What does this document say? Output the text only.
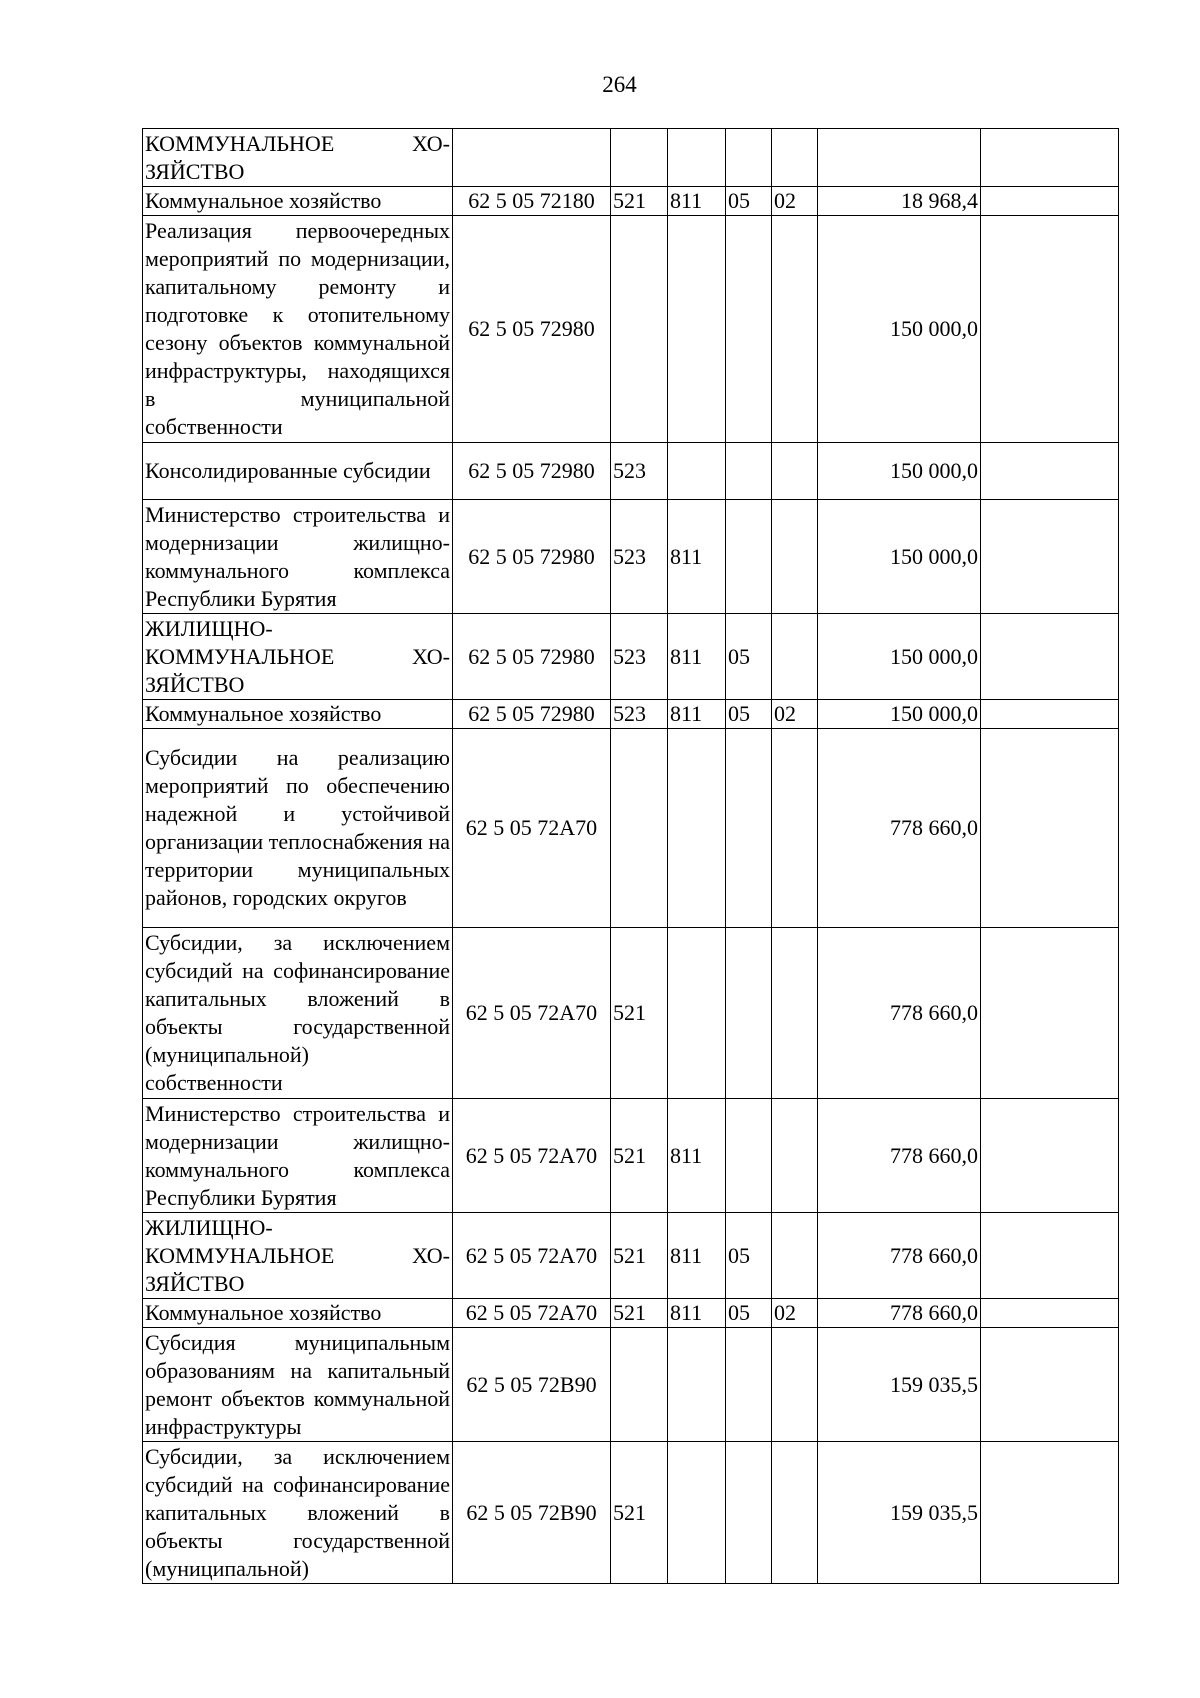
264
КОММУНАЛЬНОЕ ХО-ЗЯЙСТВО							
Коммунальное хозяйство	62 5 05 72180	521	811	05	02	18 968,4	
Реализация первоочередных мероприятий по модернизации, капитальному ремонту и подготовке к отопительному сезону объектов коммунальной инфраструктуры, находящихся в муниципальной собственности	62 5 05 72980					150 000,0	
Консолидированные субсидии	62 5 05 72980	523				150 000,0	
Министерство строительства и модернизации жилищно-коммунального комплекса Республики Бурятия	62 5 05 72980	523	811			150 000,0	
ЖИЛИЩНО-КОММУНАЛЬНОЕ ХО-ЗЯЙСТВО	62 5 05 72980	523	811	05		150 000,0	
Коммунальное хозяйство	62 5 05 72980	523	811	05	02	150 000,0	
Субсидии на реализацию мероприятий по обеспечению надежной и устойчивой организации теплоснабжения на территории муниципальных районов, городских округов	62 5 05 72А70					778 660,0	
Субсидии, за исключением субсидий на софинансирование капитальных вложений в объекты государственной (муниципальной) собственности	62 5 05 72А70	521				778 660,0	
Министерство строительства и модернизации жилищно-коммунального комплекса Республики Бурятия	62 5 05 72А70	521	811			778 660,0	
ЖИЛИЩНО-КОММУНАЛЬНОЕ ХО-ЗЯЙСТВО	62 5 05 72А70	521	811	05		778 660,0	
Коммунальное хозяйство	62 5 05 72А70	521	811	05	02	778 660,0	
Субсидия муниципальным образованиям на капитальный ремонт объектов коммунальной инфраструктуры	62 5 05 72В90					159 035,5	
Субсидии, за исключением субсидий на софинансирование капитальных вложений в объекты государственной (муниципальной)	62 5 05 72В90	521				159 035,5	
